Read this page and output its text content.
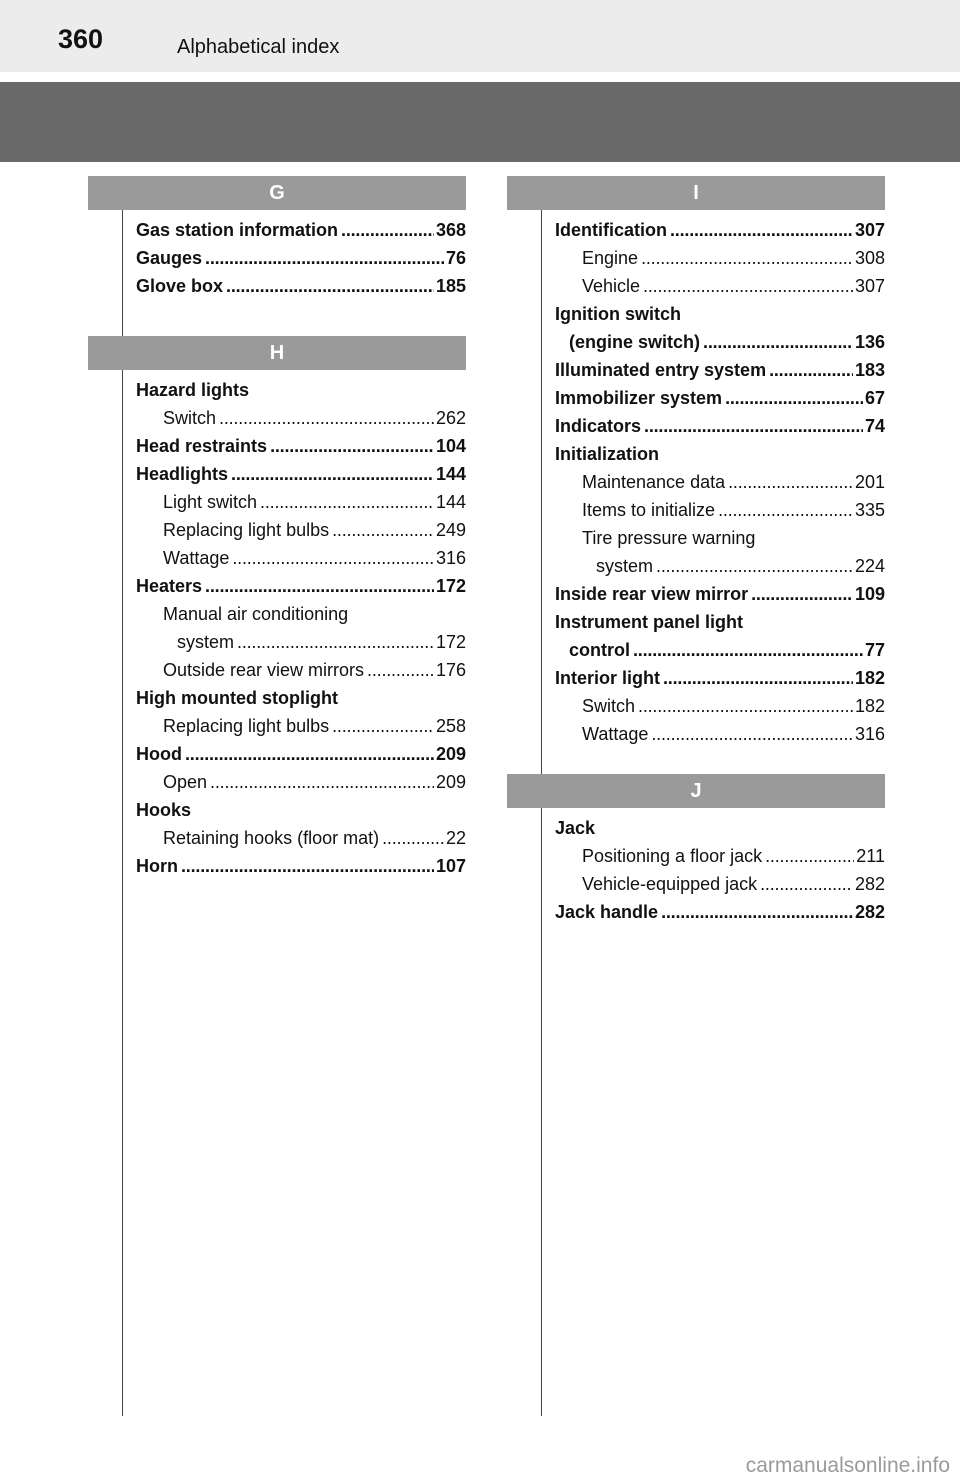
360	Alphabetical index
G
Gas station information . . .	368
Gauges . . .	76
Glove box . . .	185
H
Hazard lights
Switch . . .	262
Head restraints . . .	104
Headlights . . .	144
Light switch . . .	144
Replacing light bulbs . . .	249
Wattage . . .	316
Heaters . . .	172
Manual air conditioning
system . . .	172
Outside rear view mirrors . . .	176
High mounted stoplight
Replacing light bulbs . . .	258
Hood . . .	209
Open . . .	209
Hooks
Retaining hooks (floor mat) . . .	22
Horn . . .	107
I
Identification . . .	307
Engine . . .	308
Vehicle . . .	307
Ignition switch
(engine switch) . . .	136
Illuminated entry system . . .	183
Immobilizer system . . .	67
Indicators . . .	74
Initialization
Maintenance data . . .	201
Items to initialize . . .	335
Tire pressure warning
system . . .	224
Inside rear view mirror . . .	109
Instrument panel light
control . . .	77
Interior light . . .	182
Switch . . .	182
Wattage . . .	316
J
Jack
Positioning a floor jack . . .	211
Vehicle-equipped jack . . .	282
Jack handle . . .	282
carmanualsonline.info
